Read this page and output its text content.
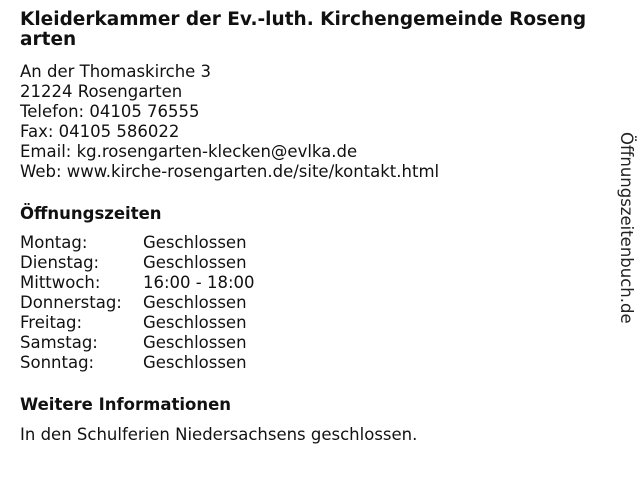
Kleiderkammer der Ev.-luth. Kirchengemeinde Rosengarten
An der Thomaskirche 3
21224 Rosengarten
Telefon: 04105 76555
Fax: 04105 586022
Email: kg.rosengarten-klecken@evlka.de
Web: www.kirche-rosengarten.de/site/kontakt.html
Öffnungszeiten
Montag:	Geschlossen
Dienstag:	Geschlossen
Mittwoch:	16:00 - 18:00
Donnerstag:	Geschlossen
Freitag:	Geschlossen
Samstag:	Geschlossen
Sonntag:	Geschlossen
Weitere Informationen
In den Schulferien Niedersachsens geschlossen.
Öffnungszeitenbuch.de
